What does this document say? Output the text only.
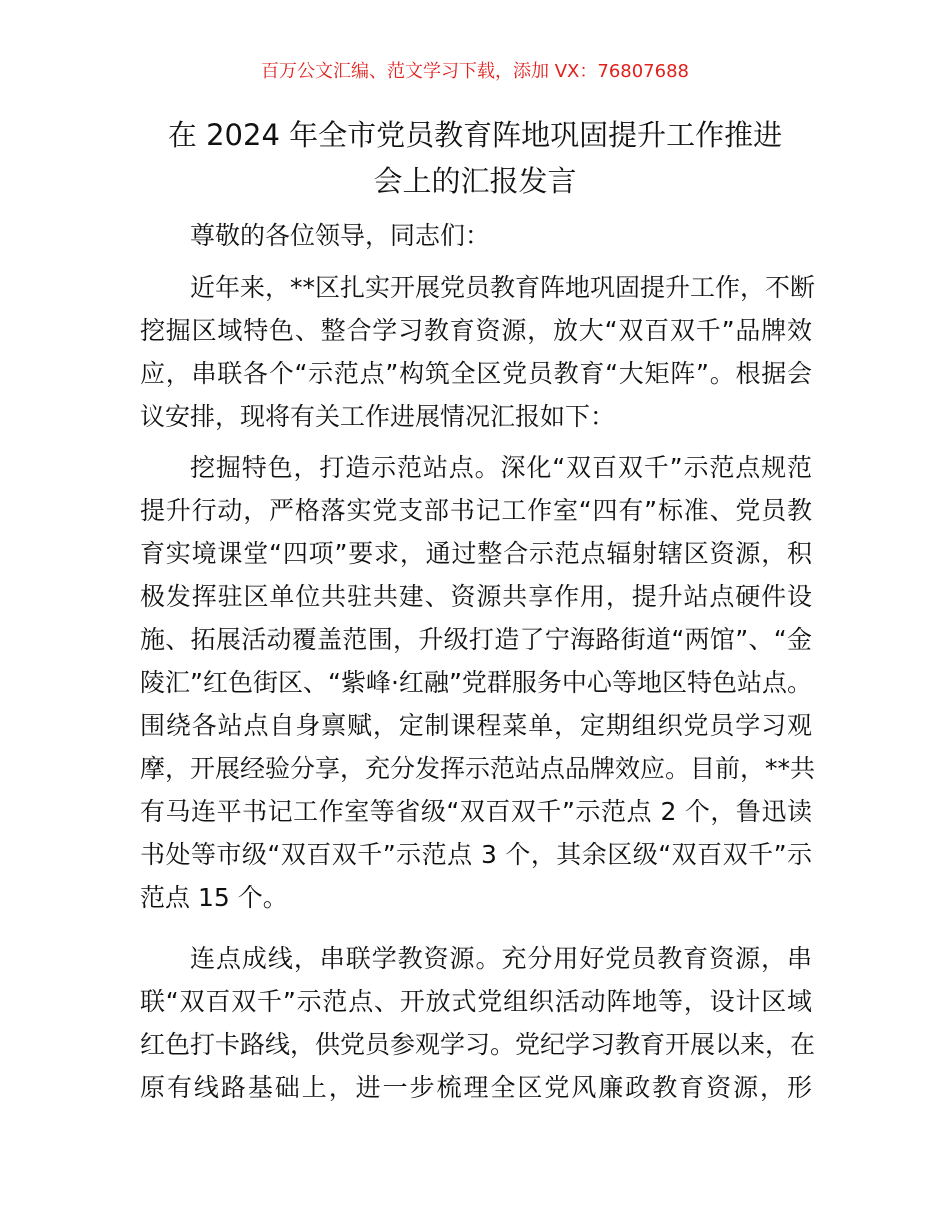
百万公文汇编、范文学习下载，添加 VX：76807688
在 2024 年全市党员教育阵地巩固提升工作推进
会上的汇报发言
尊敬的各位领导，同志们：
近年来，**区扎实开展党员教育阵地巩固提升工作，不断
挖掘区域特色、整合学习教育资源，放大“双百双千”品牌效
应，串联各个“示范点”构筑全区党员教育“大矩阵”。根据会
议安排，现将有关工作进展情况汇报如下：
挖掘特色，打造示范站点。深化“双百双千”示范点规范
提升行动，严格落实党支部书记工作室“四有”标准、党员教
育实境课堂“四项”要求，通过整合示范点辐射辖区资源，积
极发挥驻区单位共驻共建、资源共享作用，提升站点硬件设
施、拓展活动覆盖范围，升级打造了宁海路街道“两馆”、“金
陵汇”红色街区、“紫峰·红融”党群服务中心等地区特色站点。
围绕各站点自身禀赋，定制课程菜单，定期组织党员学习观
摩，开展经验分享，充分发挥示范站点品牌效应。目前，**共
有马连平书记工作室等省级“双百双千”示范点 2 个，鲁迅读
书处等市级“双百双千”示范点 3 个，其余区级“双百双千”示
范点 15 个。
连点成线，串联学教资源。充分用好党员教育资源，串
联“双百双千”示范点、开放式党组织活动阵地等，设计区域
红色打卡路线，供党员参观学习。党纪学习教育开展以来，在
原有线路基础上，进一步梳理全区党风廉政教育资源，形
